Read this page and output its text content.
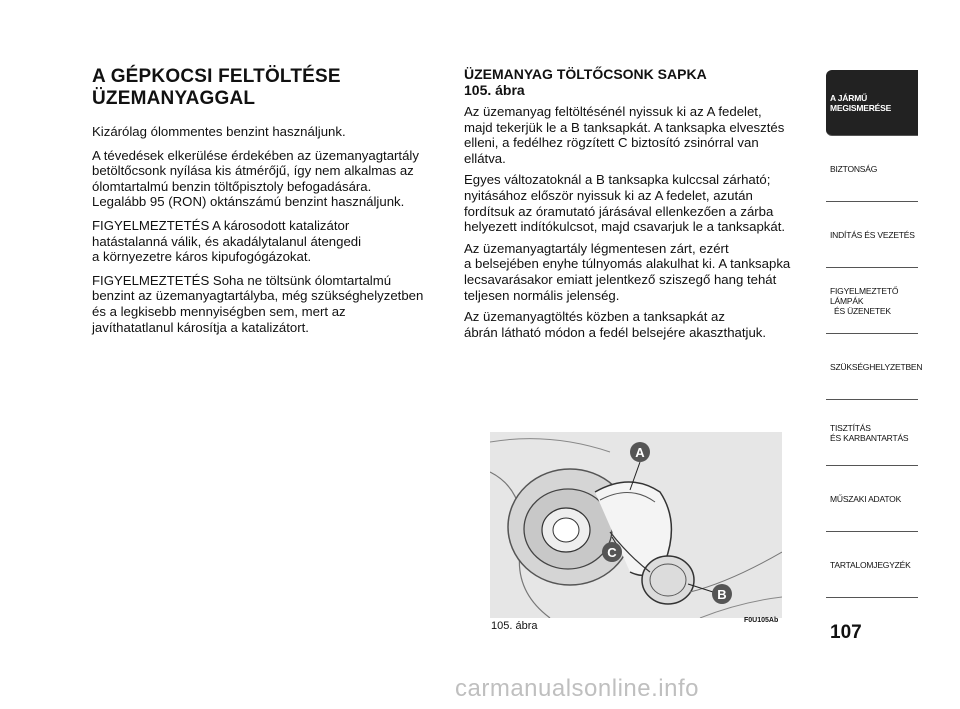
A GÉPKOCSI FELTÖLTÉSE
ÜZEMANYAGGAL

Kizárólag ólommentes benzint használjunk.

A tévedések elkerülése érdekében az üzemanyagtartály
betöltőcsonk nyílása kis átmérőjű, így nem alkalmas az
ólomtartalmú benzin töltőpisztoly befogadására.
Legalább 95 (RON) oktánszámú benzint használjunk.

FIGYELMEZTETÉS A károsodott katalizátor
hatástalanná válik, és akadálytalanul átengedi
a környezetre káros kipufogógázokat.

FIGYELMEZTETÉS Soha ne töltsünk ólomtartalmú
benzint az üzemanyagtartályba, még szükséghelyzetben
és a legkisebb mennyiségben sem, mert az
javíthatatlanul károsítja a katalizátort.

ÜZEMANYAG TÖLTŐCSONK SAPKA
105. ábra

Az üzemanyag feltöltésénél nyissuk ki az A fedelet,
majd tekerjük le a B tanksapkát. A tanksapka elvesztés
elleni, a fedélhez rögzített C biztosító zsinórral van
ellátva.

Egyes változatoknál a B tanksapka kulccsal zárható;
nyitásához először nyissuk ki az A fedelet, azután
fordítsuk az óramutató járásával ellenkezően a zárba
helyezett indítókulcsot, majd csavarjuk le a tanksapkát.

Az üzemanyagtartály légmentesen zárt, ezért
a belsejében enyhe túlnyomás alakulhat ki. A tanksapka
lecsavarásakor emiatt jelentkező sziszegő hang tehát
teljesen normális jelenség.

Az üzemanyagtöltés közben a tanksapkát az
ábrán látható módon a fedél belsejére akaszthatjuk.

A
C
B
105. ábra	F0U105Ab
A JÁRMŰ
MEGISMERÉSE
BIZTONSÁG
INDÍTÁS ÉS VEZETÉS
FIGYELMEZTETŐ
LÁMPÁK
ÉS ÜZENETEK
SZÜKSÉGHELYZETBEN
TISZTÍTÁS
ÉS KARBANTARTÁS
MŰSZAKI ADATOK
TARTALOMJEGYZÉK
107
carmanualsonline.info
